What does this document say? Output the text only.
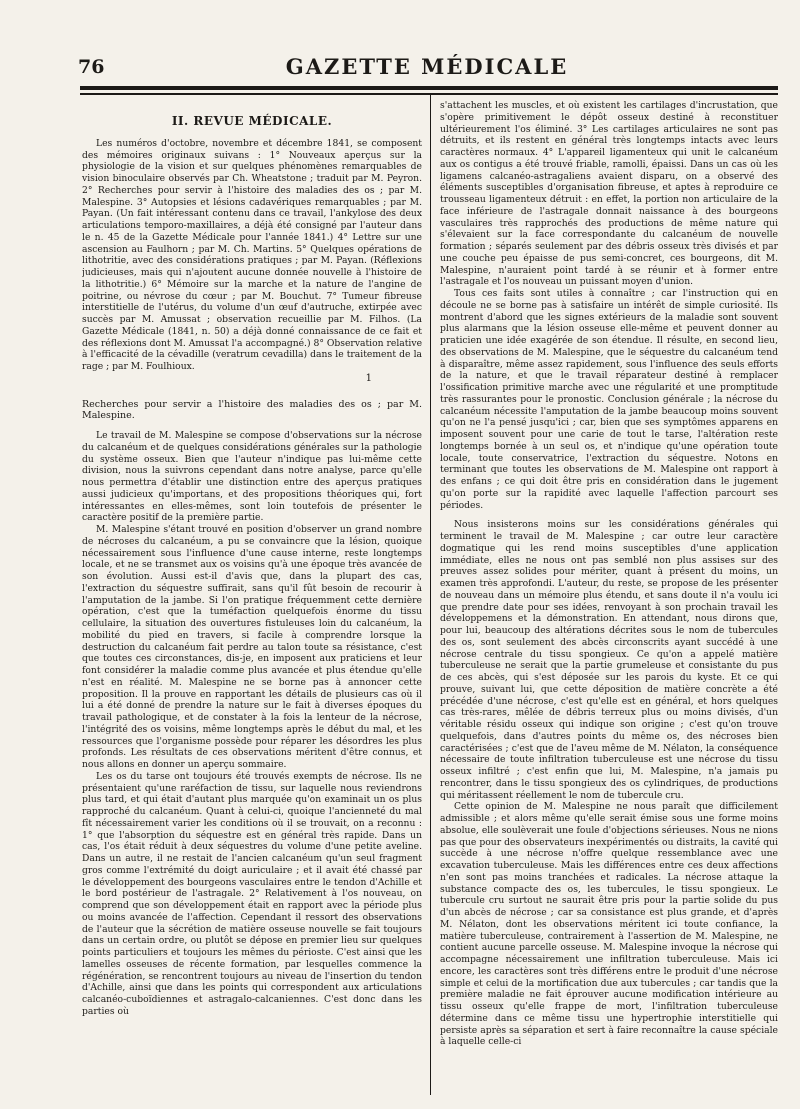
76	GAZETTE MÉDICALE
II. REVUE MÉDICALE.

Les numéros d'octobre, novembre et décembre 1841, se composent des mémoires originaux suivans : 1° Nouveaux aperçus sur la physiologie de la vision et sur quelques phénomènes remarquables de vision binoculaire observés par Ch. Wheatstone ; traduit par M. Peyron. 2° Recherches pour servir à l'histoire des maladies des os ; par M. Malespine. 3° Autopsies et lésions cadavériques remarquables ; par M. Payan. (Un fait intéressant contenu dans ce travail, l'ankylose des deux articulations temporo-maxillaires, a déjà été consigné par l'auteur dans le n. 45 de la Gazette Médicale pour l'année 1841.) 4° Lettre sur une ascension au Faulhorn ; par M. Ch. Martins. 5° Quelques opérations de lithotritie, avec des considérations pratiques ; par M. Payan. (Réflexions judicieuses, mais qui n'ajoutent aucune donnée nouvelle à l'histoire de la lithotritie.) 6° Mémoire sur la marche et la nature de l'angine de poitrine, ou névrose du cœur ; par M. Bouchut. 7° Tumeur fibreuse interstitielle de l'utérus, du volume d'un œuf d'autruche, extirpée avec succès par M. Amussat ; observation recueillie par M. Filhos. (La Gazette Médicale (1841, n. 50) a déjà donné connaissance de ce fait et des réflexions dont M. Amussat l'a accompagné.) 8° Observation relative à l'efficacité de la cévadille (veratrum cevadilla) dans le traitement de la rage ; par M. Foulhioux.

1

Recherches pour servir a l'histoire des maladies des os ; par M. Malespine.

Le travail de M. Malespine se compose d'observations sur la nécrose du calcanéum et de quelques considérations générales sur la pathologie du système osseux. Bien que l'auteur n'indique pas lui-même cette division, nous la suivrons cependant dans notre analyse, parce qu'elle nous permettra d'établir une distinction entre des aperçus pratiques aussi judicieux qu'importans, et des propositions théoriques qui, fort intéressantes en elles-mêmes, sont loin toutefois de présenter le caractère positif de la première partie.

M. Malespine s'étant trouvé en position d'observer un grand nombre de nécroses du calcanéum, a pu se convaincre que la lésion, quoique nécessairement sous l'influence d'une cause interne, reste longtemps locale, et ne se transmet aux os voisins qu'à une époque très avancée de son évolution. Aussi est-il d'avis que, dans la plupart des cas, l'extraction du séquestre suffirait, sans qu'il fût besoin de recourir à l'amputation de la jambe. Si l'on pratique fréquemment cette dernière opération, c'est que la tuméfaction quelquefois énorme du tissu cellulaire, la situation des ouvertures fistuleuses loin du calcanéum, la mobilité du pied en travers, si facile à comprendre lorsque la destruction du calcanéum fait perdre au talon toute sa résistance, c'est que toutes ces circonstances, dis-je, en imposent aux praticiens et leur font considérer la maladie comme plus avancée et plus étendue qu'elle n'est en réalité. M. Malespine ne se borne pas à annoncer cette proposition. Il la prouve en rapportant les détails de plusieurs cas où il lui a été donné de prendre la nature sur le fait à diverses époques du travail pathologique, et de constater à la fois la lenteur de la nécrose, l'intégrité des os voisins, même longtemps après le début du mal, et les ressources que l'organisme possède pour réparer les désordres les plus profonds. Les résultats de ces observations méritent d'être connus, et nous allons en donner un aperçu sommaire.

Les os du tarse ont toujours été trouvés exempts de nécrose. Ils ne présentaient qu'une raréfaction de tissu, sur laquelle nous reviendrons plus tard, et qui était d'autant plus marquée qu'on examinait un os plus rapproché du calcanéum. Quant à celui-ci, quoique l'ancienneté du mal fît nécessairement varier les conditions où il se trouvait, on a reconnu : 1° que l'absorption du séquestre est en général très rapide. Dans un cas, l'os était réduit à deux séquestres du volume d'une petite aveline. Dans un autre, il ne restait de l'ancien calcanéum qu'un seul fragment gros comme l'extrémité du doigt auriculaire ; et il avait été chassé par le développement des bourgeons vasculaires entre le tendon d'Achille et le bord postérieur de l'astragale. 2° Relativement à l'os nouveau, on comprend que son développement était en rapport avec la période plus ou moins avancée de l'affection. Cependant il ressort des observations de l'auteur que la sécrétion de matière osseuse nouvelle se fait toujours dans un certain ordre, ou plutôt se dépose en premier lieu sur quelques points particuliers et toujours les mêmes du périoste. C'est ainsi que les lamelles osseuses de récente formation, par lesquelles commence la régénération, se rencontrent toujours au niveau de l'insertion du tendon d'Achille, ainsi que dans les points qui correspondent aux articulations calcanéo-cuboïdiennes et astragalo-calcaniennes. C'est donc dans les parties où

s'attachent les muscles, et où existent les cartilages d'incrustation, que s'opère primitivement le dépôt osseux destiné à reconstituer ultérieurement l'os éliminé. 3° Les cartilages articulaires ne sont pas détruits, et ils restent en général très longtemps intacts avec leurs caractères normaux. 4° L'appareil ligamenteux qui unit le calcanéum aux os contigus a été trouvé friable, ramolli, épaissi. Dans un cas où les ligamens calcanéo-astragaliens avaient disparu, on a observé des éléments susceptibles d'organisation fibreuse, et aptes à reproduire ce trousseau ligamenteux détruit : en effet, la portion non articulaire de la face inférieure de l'astragale donnait naissance à des bourgeons vasculaires très rapprochés des productions de même nature qui s'élevaient sur la face correspondante du calcanéum de nouvelle formation ; séparés seulement par des débris osseux très divisés et par une couche peu épaisse de pus semi-concret, ces bourgeons, dit M. Malespine, n'auraient point tardé à se réunir et à former entre l'astragale et l'os nouveau un puissant moyen d'union.

Tous ces faits sont utiles à connaître ; car l'instruction qui en découle ne se borne pas à satisfaire un intérêt de simple curiosité. Ils montrent d'abord que les signes extérieurs de la maladie sont souvent plus alarmans que la lésion osseuse elle-même et peuvent donner au praticien une idée exagérée de son étendue. Il résulte, en second lieu, des observations de M. Malespine, que le séquestre du calcanéum tend à disparaître, même assez rapidement, sous l'influence des seuls efforts de la nature, et que le travail réparateur destiné à remplacer l'ossification primitive marche avec une régularité et une promptitude très rassurantes pour le pronostic. Conclusion générale ; la nécrose du calcanéum nécessite l'amputation de la jambe beaucoup moins souvent qu'on ne l'a pensé jusqu'ici ; car, bien que ses symptômes apparens en imposent souvent pour une carie de tout le tarse, l'altération reste longtemps bornée à un seul os, et n'indique qu'une opération toute locale, toute conservatrice, l'extraction du séquestre. Notons en terminant que toutes les observations de M. Malespine ont rapport à des enfans ; ce qui doit être pris en considération dans le jugement qu'on porte sur la rapidité avec laquelle l'affection parcourt ses périodes.

Nous insisterons moins sur les considérations générales qui terminent le travail de M. Malespine ; car outre leur caractère dogmatique qui les rend moins susceptibles d'une application immédiate, elles ne nous ont pas semblé non plus assises sur des preuves assez solides pour mériter, quant à présent du moins, un examen très approfondi. L'auteur, du reste, se propose de les présenter de nouveau dans un mémoire plus étendu, et sans doute il n'a voulu ici que prendre date pour ses idées, renvoyant à son prochain travail les développemens et la démonstration. En attendant, nous dirons que, pour lui, beaucoup des altérations décrites sous le nom de tubercules des os, sont seulement des abcès circonscrits ayant succédé à une nécrose centrale du tissu spongieux. Ce qu'on a appelé matière tuberculeuse ne serait que la partie grumeleuse et consistante du pus de ces abcès, qui s'est déposée sur les parois du kyste. Et ce qui prouve, suivant lui, que cette déposition de matière concrète a été précédée d'une nécrose, c'est qu'elle est en général, et hors quelques cas très-rares, mêlée de débris terreux plus ou moins divisés, d'un véritable résidu osseux qui indique son origine ; c'est qu'on trouve quelquefois, dans d'autres points du même os, des nécroses bien caractérisées ; c'est que de l'aveu même de M. Nélaton, la conséquence nécessaire de toute infiltration tuberculeuse est une nécrose du tissu osseux infiltré ; c'est enfin que lui, M. Malespine, n'a jamais pu rencontrer, dans le tissu spongieux des os cylindriques, de productions qui méritassent réellement le nom de tubercule cru.

Cette opinion de M. Malespine ne nous paraît que difficilement admissible ; et alors même qu'elle serait émise sous une forme moins absolue, elle soulèverait une foule d'objections sérieuses. Nous ne nions pas que pour des observateurs inexpérimentés ou distraits, la cavité qui succède à une nécrose n'offre quelque ressemblance avec une excavation tuberculeuse. Mais les différences entre ces deux affections n'en sont pas moins tranchées et radicales. La nécrose attaque la substance compacte des os, les tubercules, le tissu spongieux. Le tubercule cru surtout ne saurait être pris pour la partie solide du pus d'un abcès de nécrose ; car sa consistance est plus grande, et d'après M. Nélaton, dont les observations méritent ici toute confiance, la matière tuberculeuse, contrairement à l'assertion de M. Malespine, ne contient aucune parcelle osseuse. M. Malespine invoque la nécrose qui accompagne nécessairement une infiltration tuberculeuse. Mais ici encore, les caractères sont très différens entre le produit d'une nécrose simple et celui de la mortification due aux tubercules ; car tandis que la première maladie ne fait éprouver aucune modification intérieure au tissu osseux qu'elle frappe de mort, l'infiltration tuberculeuse détermine dans ce même tissu une hypertrophie interstitielle qui persiste après sa séparation et sert à faire reconnaître la cause spéciale à laquelle celle-ci
